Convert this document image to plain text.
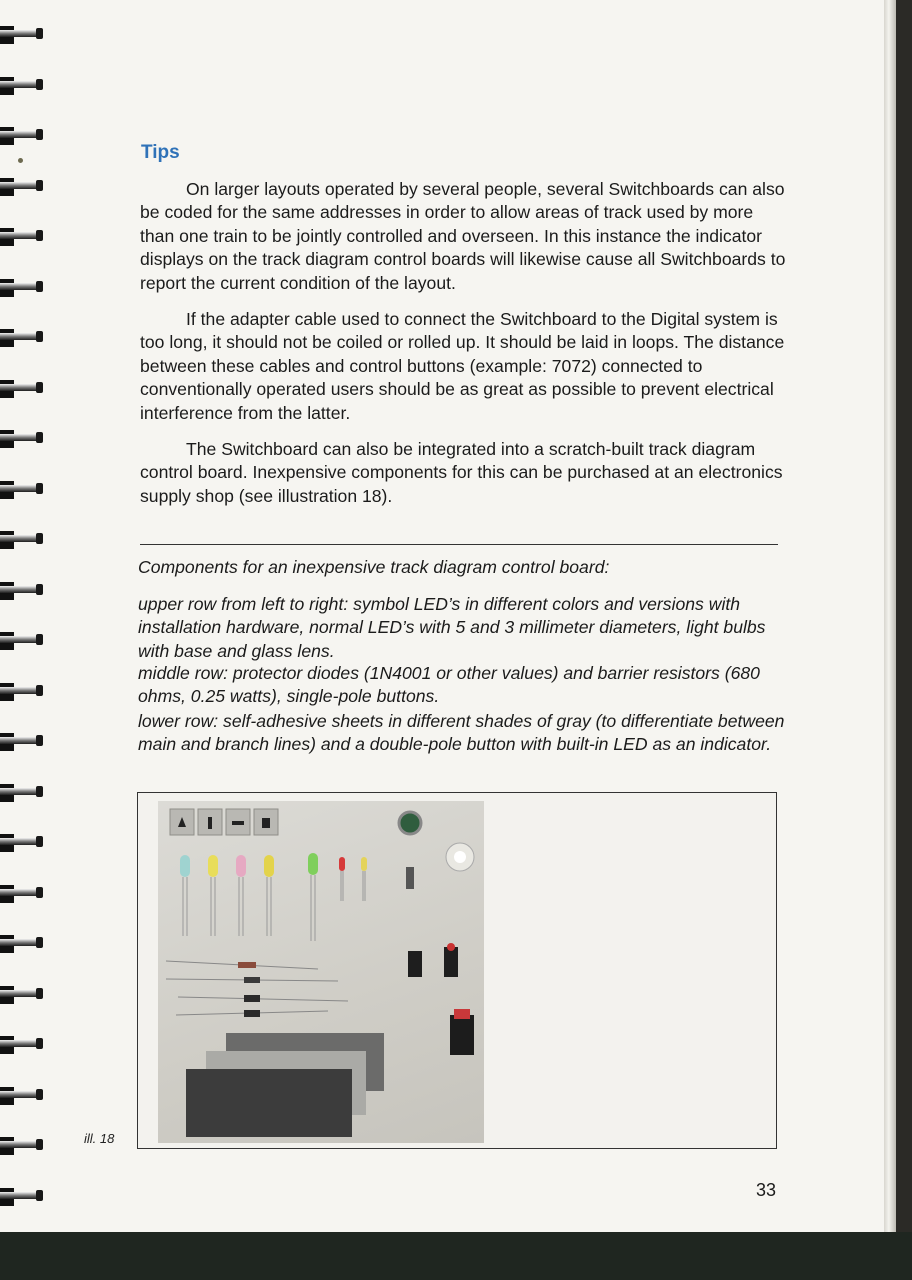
Tips

On larger layouts operated by several people, several Switchboards can also be coded for the same addresses in order to allow areas of track used by more than one train to be jointly controlled and overseen. In this instance the indicator displays on the track diagram control boards will likewise cause all Switchboards to report the current condition of the layout.

If the adapter cable used to connect the Switchboard to the Digital system is too long, it should not be coiled or rolled up. It should be laid in loops. The distance between these cables and control buttons (example: 7072) connected to conventionally operated users should be as great as possible to prevent electrical interference from the latter.

The Switchboard can also be integrated into a scratch-built track diagram control board. Inexpensive components for this can be purchased at an electronics supply shop (see illustration 18).

Components for an inexpensive track diagram control board:

upper row from left to right: symbol LED’s in different colors and versions with installation hardware, normal LED’s with 5 and 3 millimeter diameters, light bulbs with base and glass lens.

middle row: protector diodes (1N4001 or other values) and barrier resistors (680 ohms, 0.25 watts), single-pole buttons.

lower row: self-adhesive sheets in different shades of gray (to differentiate between main and branch lines) and a double-pole button with built-in LED as an indicator.

ill. 18

33
